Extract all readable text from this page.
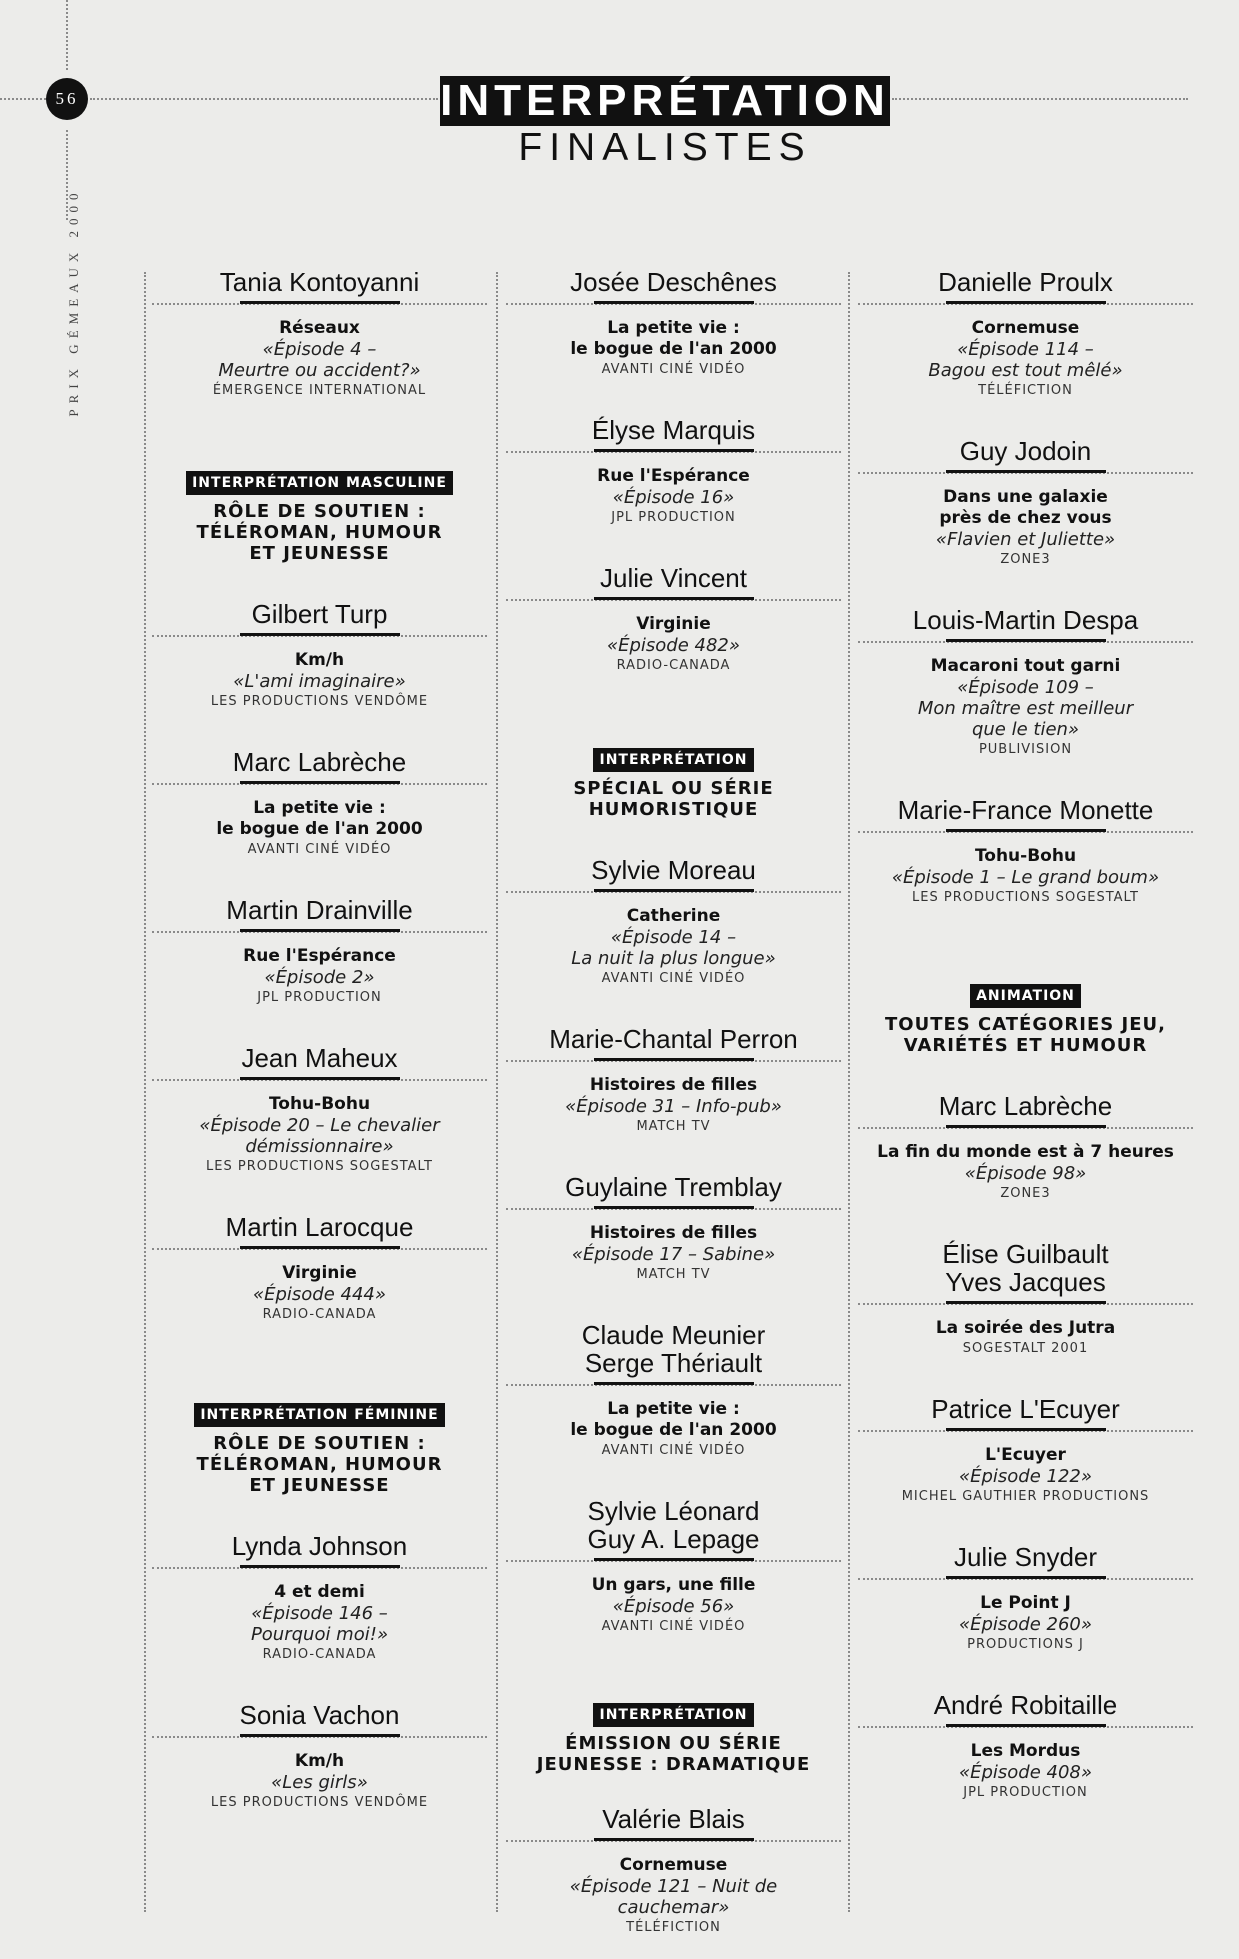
56
PRIX GÉMEAUX 2000
INTERPRÉTATION
FINALISTES
Tania Kontoyanni
Réseaux
«Épisode 4 –
Meurtre ou accident?»
ÉMERGENCE INTERNATIONAL
INTERPRÉTATION MASCULINE
RÔLE DE SOUTIEN :
TÉLÉROMAN, HUMOUR
ET JEUNESSE
Gilbert Turp
Km/h
«L'ami imaginaire»
LES PRODUCTIONS VENDÔME
Marc Labrèche
La petite vie :
le bogue de l'an 2000
AVANTI CINÉ VIDÉO
Martin Drainville
Rue l'Espérance
«Épisode 2»
JPL PRODUCTION
Jean Maheux
Tohu-Bohu
«Épisode 20 – Le chevalier
démissionnaire»
LES PRODUCTIONS SOGESTALT
Martin Larocque
Virginie
«Épisode 444»
RADIO-CANADA
INTERPRÉTATION FÉMININE
RÔLE DE SOUTIEN :
TÉLÉROMAN, HUMOUR
ET JEUNESSE
Lynda Johnson
4 et demi
«Épisode 146 –
Pourquoi moi!»
RADIO-CANADA
Sonia Vachon
Km/h
«Les girls»
LES PRODUCTIONS VENDÔME
Josée Deschênes
La petite vie :
le bogue de l'an 2000
AVANTI CINÉ VIDÉO
Élyse Marquis
Rue l'Espérance
«Épisode 16»
JPL PRODUCTION
Julie Vincent
Virginie
«Épisode 482»
RADIO-CANADA
INTERPRÉTATION
SPÉCIAL OU SÉRIE
HUMORISTIQUE
Sylvie Moreau
Catherine
«Épisode 14 –
La nuit la plus longue»
AVANTI CINÉ VIDÉO
Marie-Chantal Perron
Histoires de filles
«Épisode 31 – Info-pub»
MATCH TV
Guylaine Tremblay
Histoires de filles
«Épisode 17 – Sabine»
MATCH TV
Claude Meunier
Serge Thériault
La petite vie :
le bogue de l'an 2000
AVANTI CINÉ VIDÉO
Sylvie Léonard
Guy A. Lepage
Un gars, une fille
«Épisode 56»
AVANTI CINÉ VIDÉO
INTERPRÉTATION
ÉMISSION OU SÉRIE
JEUNESSE : DRAMATIQUE
Valérie Blais
Cornemuse
«Épisode 121 – Nuit de
cauchemar»
TÉLÉFICTION
Danielle Proulx
Cornemuse
«Épisode 114 –
Bagou est tout mêlé»
TÉLÉFICTION
Guy Jodoin
Dans une galaxie
près de chez vous
«Flavien et Juliette»
ZONE3
Louis-Martin Despa
Macaroni tout garni
«Épisode 109 –
Mon maître est meilleur
que le tien»
PUBLIVISION
Marie-France Monette
Tohu-Bohu
«Épisode 1 – Le grand boum»
LES PRODUCTIONS SOGESTALT
ANIMATION
TOUTES CATÉGORIES JEU,
VARIÉTÉS ET HUMOUR
Marc Labrèche
La fin du monde est à 7 heures
«Épisode 98»
ZONE3
Élise Guilbault
Yves Jacques
La soirée des Jutra
SOGESTALT 2001
Patrice L'Ecuyer
L'Ecuyer
«Épisode 122»
MICHEL GAUTHIER PRODUCTIONS
Julie Snyder
Le Point J
«Épisode 260»
PRODUCTIONS J
André Robitaille
Les Mordus
«Épisode 408»
JPL PRODUCTION
